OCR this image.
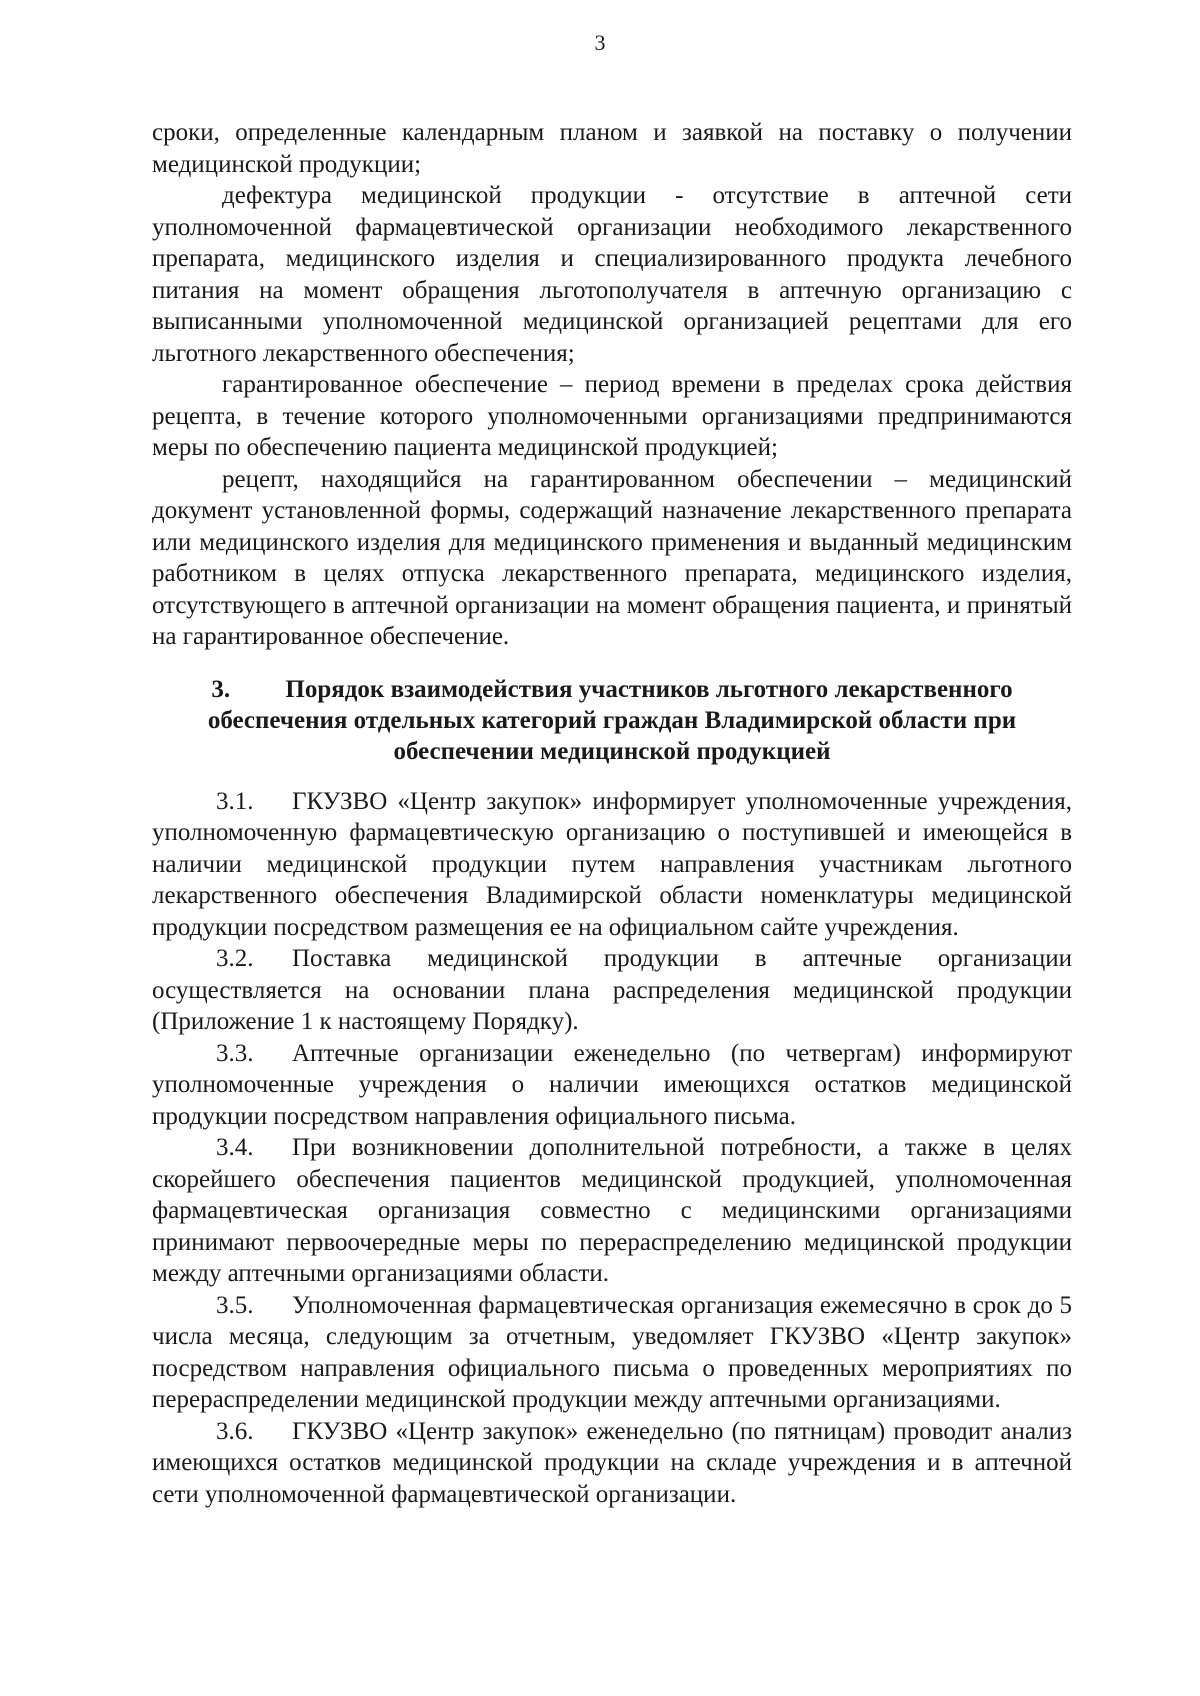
3

сроки, определенные календарным планом и заявкой на поставку о получении медицинской продукции;

дефектура медицинской продукции - отсутствие в аптечной сети уполномоченной фармацевтической организации необходимого лекарственного препарата, медицинского изделия и специализированного продукта лечебного питания на момент обращения льготополучателя в аптечную организацию с выписанными уполномоченной медицинской организацией рецептами для его льготного лекарственного обеспечения;

гарантированное обеспечение – период времени в пределах срока действия рецепта, в течение которого уполномоченными организациями предпринимаются меры по обеспечению пациента медицинской продукцией;

рецепт, находящийся на гарантированном обеспечении – медицинский документ установленной формы, содержащий назначение лекарственного препарата или медицинского изделия для медицинского применения и выданный медицинским работником в целях отпуска лекарственного препарата, медицинского изделия, отсутствующего в аптечной организации на момент обращения пациента, и принятый на гарантированное обеспечение.

3. Порядок взаимодействия участников льготного лекарственного обеспечения отдельных категорий граждан Владимирской области при обеспечении медицинской продукцией

3.1. ГКУЗВО «Центр закупок» информирует уполномоченные учреждения, уполномоченную фармацевтическую организацию о поступившей и имеющейся в наличии медицинской продукции путем направления участникам льготного лекарственного обеспечения Владимирской области номенклатуры медицинской продукции посредством размещения ее на официальном сайте учреждения.

3.2. Поставка медицинской продукции в аптечные организации осуществляется на основании плана распределения медицинской продукции (Приложение 1 к настоящему Порядку).

3.3. Аптечные организации еженедельно (по четвергам) информируют уполномоченные учреждения о наличии имеющихся остатков медицинской продукции посредством направления официального письма.

3.4. При возникновении дополнительной потребности, а также в целях скорейшего обеспечения пациентов медицинской продукцией, уполномоченная фармацевтическая организация совместно с медицинскими организациями принимают первоочередные меры по перераспределению медицинской продукции между аптечными организациями области.

3.5. Уполномоченная фармацевтическая организация ежемесячно в срок до 5 числа месяца, следующим за отчетным, уведомляет ГКУЗВО «Центр закупок» посредством направления официального письма о проведенных мероприятиях по перераспределении медицинской продукции между аптечными организациями.

3.6. ГКУЗВО «Центр закупок» еженедельно (по пятницам) проводит анализ имеющихся остатков медицинской продукции на складе учреждения и в аптечной сети уполномоченной фармацевтической организации.
